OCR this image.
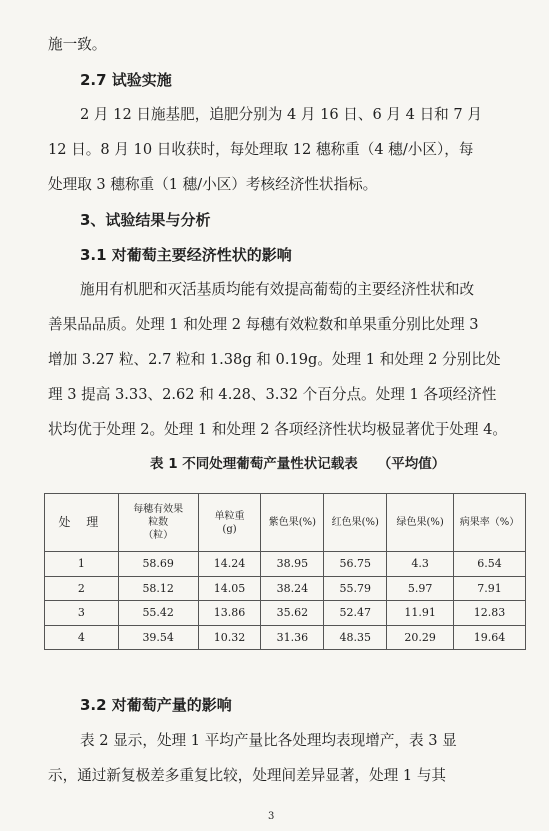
施一致。

2.7 试验实施

2 月 12 日施基肥，追肥分别为 4 月 16 日、6 月 4 日和 7 月

12 日。8 月 10 日收获时，每处理取 12 穗称重（4 穗/小区），每

处理取 3 穗称重（1 穗/小区）考核经济性状指标。

3、试验结果与分析

3.1 对葡萄主要经济性状的影响

施用有机肥和灭活基质均能有效提高葡萄的主要经济性状和改

善果品品质。处理 1 和处理 2 每穗有效粒数和单果重分别比处理 3

增加 3.27 粒、2.7 粒和 1.38g 和 0.19g。处理 1 和处理 2 分别比处

理 3 提高 3.33、2.62 和 4.28、3.32 个百分点。处理 1 各项经济性

状均优于处理 2。处理 1 和处理 2 各项经济性状均极显著优于处理 4。

表 1 不同处理葡萄产量性状记载表 （平均值）

处 理	每穗有效果
粒数
（粒）	单粒重
(g)	紫色果(%)	红色果(%)	绿色果(%)	病果率（%）
1	58.69	14.24	38.95	56.75	4.3	6.54
2	58.12	14.05	38.24	55.79	5.97	7.91
3	55.42	13.86	35.62	52.47	11.91	12.83
4	39.54	10.32	31.36	48.35	20.29	19.64

3.2 对葡萄产量的影响

表 2 显示，处理 1 平均产量比各处理均表现增产，表 3 显

示，通过新复极差多重复比较，处理间差异显著，处理 1 与其

3
